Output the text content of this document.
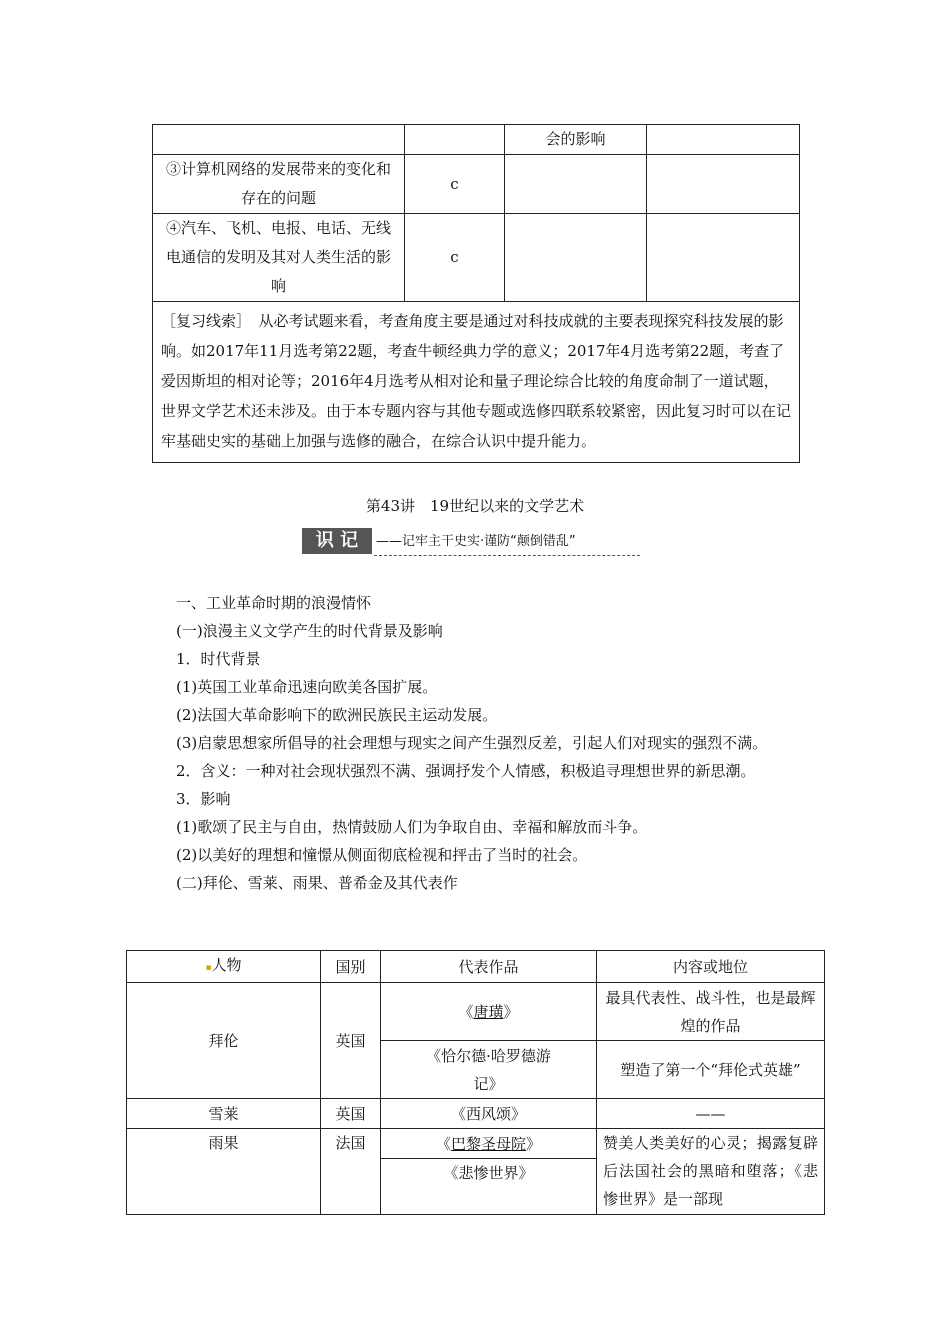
		会的影响	
③计算机网络的发展带来的变化和存在的问题	c		
④汽车、飞机、电报、电话、无线电通信的发明及其对人类生活的影响	c		
［复习线索］　从必考试题来看，考查角度主要是通过对科技成就的主要表现探究科技发展的影响。如2017年11月选考第22题，考查牛顿经典力学的意义；2017年4月选考第22题，考查了爱因斯坦的相对论等；2016年4月选考从相对论和量子理论综合比较的角度命制了一道试题，世界文学艺术还未涉及。由于本专题内容与其他专题或选修四联系较紧密，因此复习时可以在记牢基础史实的基础上加强与选修的融合，在综合认识中提升能力。			
第43讲　19世纪以来的文学艺术
识 记	——记牢主干史实·谨防“颠倒错乱”

一、工业革命时期的浪漫情怀

(一)浪漫主义文学产生的时代背景及影响

1．时代背景

(1)英国工业革命迅速向欧美各国扩展。

(2)法国大革命影响下的欧洲民族民主运动发展。

(3)启蒙思想家所倡导的社会理想与现实之间产生强烈反差，引起人们对现实的强烈不满。

2．含义：一种对社会现状强烈不满、强调抒发个人情感，积极追寻理想世界的新思潮。

3．影响

(1)歌颂了民主与自由，热情鼓励人们为争取自由、幸福和解放而斗争。

(2)以美好的理想和憧憬从侧面彻底检视和抨击了当时的社会。

(二)拜伦、雪莱、雨果、普希金及其代表作

▪人物	国别	代表作品	内容或地位
拜伦	英国	《唐璜》	最具代表性、战斗性，也是最辉煌的作品
		《恰尔德·哈罗德游记》	塑造了第一个“拜伦式英雄”
雪莱	英国	《西风颂》	——
雨果	法国	《巴黎圣母院》	赞美人类美好的心灵；揭露复辟后法国社会的黑暗和堕落；《悲惨世界》是一部现
		《悲惨世界》	
